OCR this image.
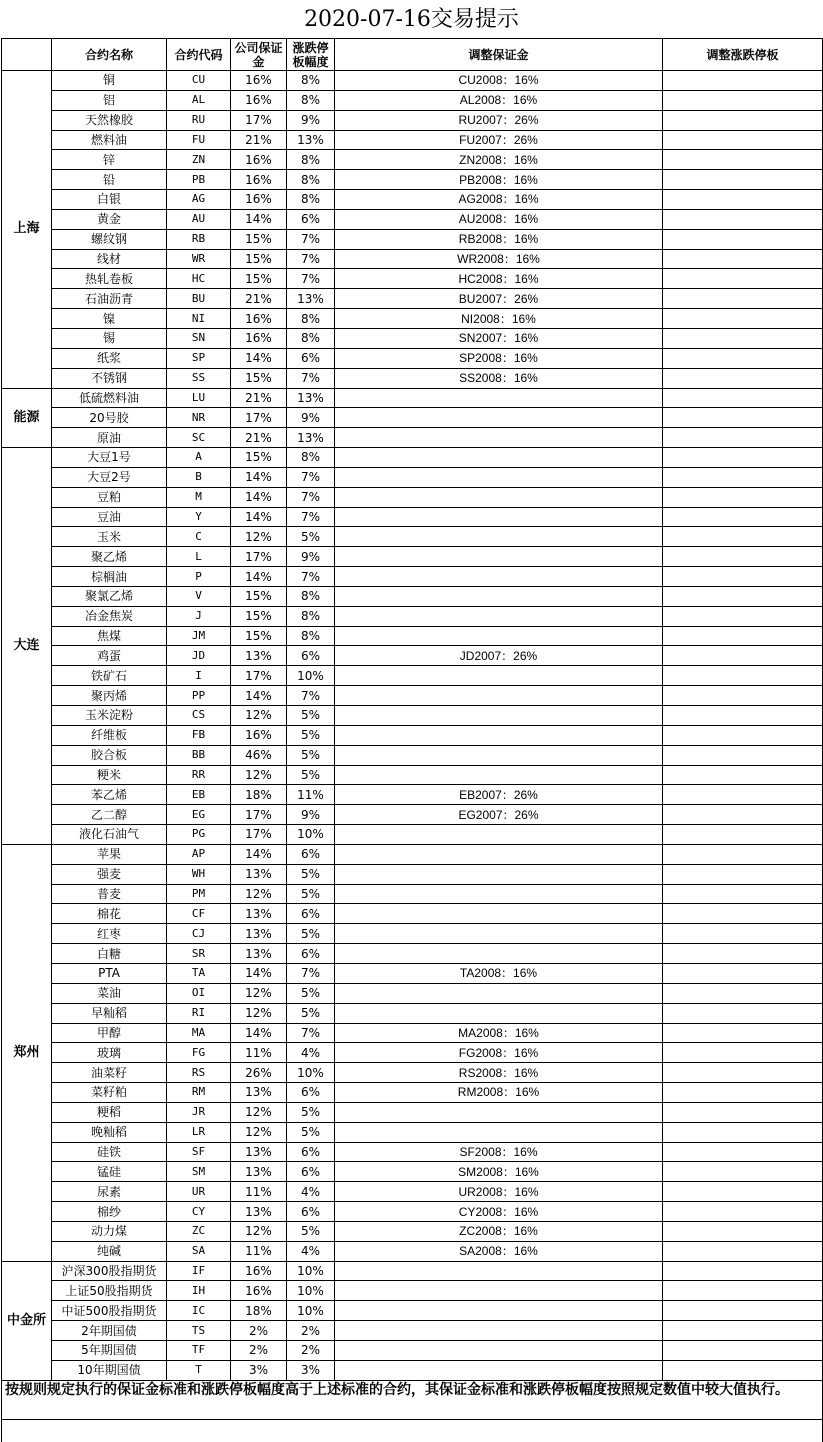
2020-07-16交易提示
	合约名称	合约代码	公司保证金	涨跌停板幅度	调整保证金	调整涨跌停板
上海	铜	CU	16%	8%	CU2008：16%	
	铝	AL	16%	8%	AL2008：16%	
	天然橡胶	RU	17%	9%	RU2007：26%	
	燃料油	FU	21%	13%	FU2007：26%	
	锌	ZN	16%	8%	ZN2008：16%	
	铅	PB	16%	8%	PB2008：16%	
	白银	AG	16%	8%	AG2008：16%	
	黄金	AU	14%	6%	AU2008：16%	
	螺纹钢	RB	15%	7%	RB2008：16%	
	线材	WR	15%	7%	WR2008：16%	
	热轧卷板	HC	15%	7%	HC2008：16%	
	石油沥青	BU	21%	13%	BU2007：26%	
	镍	NI	16%	8%	NI2008：16%	
	锡	SN	16%	8%	SN2007：16%	
	纸浆	SP	14%	6%	SP2008：16%	
	不锈钢	SS	15%	7%	SS2008：16%	
能源	低硫燃料油	LU	21%	13%		
	20号胶	NR	17%	9%		
	原油	SC	21%	13%		
大连	大豆1号	A	15%	8%		
	大豆2号	B	14%	7%		
	豆粕	M	14%	7%		
	豆油	Y	14%	7%		
	玉米	C	12%	5%		
	聚乙烯	L	17%	9%		
	棕榈油	P	14%	7%		
	聚氯乙烯	V	15%	8%		
	冶金焦炭	J	15%	8%		
	焦煤	JM	15%	8%		
	鸡蛋	JD	13%	6%	JD2007：26%	
	铁矿石	I	17%	10%		
	聚丙烯	PP	14%	7%		
	玉米淀粉	CS	12%	5%		
	纤维板	FB	16%	5%		
	胶合板	BB	46%	5%		
	粳米	RR	12%	5%		
	苯乙烯	EB	18%	11%	EB2007：26%	
	乙二醇	EG	17%	9%	EG2007：26%	
	液化石油气	PG	17%	10%		
郑州	苹果	AP	14%	6%		
	强麦	WH	13%	5%		
	普麦	PM	12%	5%		
	棉花	CF	13%	6%		
	红枣	CJ	13%	5%		
	白糖	SR	13%	6%		
	PTA	TA	14%	7%	TA2008：16%	
	菜油	OI	12%	5%		
	早籼稻	RI	12%	5%		
	甲醇	MA	14%	7%	MA2008：16%	
	玻璃	FG	11%	4%	FG2008：16%	
	油菜籽	RS	26%	10%	RS2008：16%	
	菜籽粕	RM	13%	6%	RM2008：16%	
	粳稻	JR	12%	5%		
	晚籼稻	LR	12%	5%		
	硅铁	SF	13%	6%	SF2008：16%	
	锰硅	SM	13%	6%	SM2008：16%	
	尿素	UR	11%	4%	UR2008：16%	
	棉纱	CY	13%	6%	CY2008：16%	
	动力煤	ZC	12%	5%	ZC2008：16%	
	纯碱	SA	11%	4%	SA2008：16%	
中金所	沪深300股指期货	IF	16%	10%		
	上证50股指期货	IH	16%	10%		
	中证500股指期货	IC	18%	10%		
	2年期国债	TS	2%	2%		
	5年期国债	TF	2%	2%		
	10年期国债	T	3%	3%		
按规则规定执行的保证金标准和涨跌停板幅度高于上述标准的合约，其保证金标准和涨跌停板幅度按照规定数值中较大值执行。						
